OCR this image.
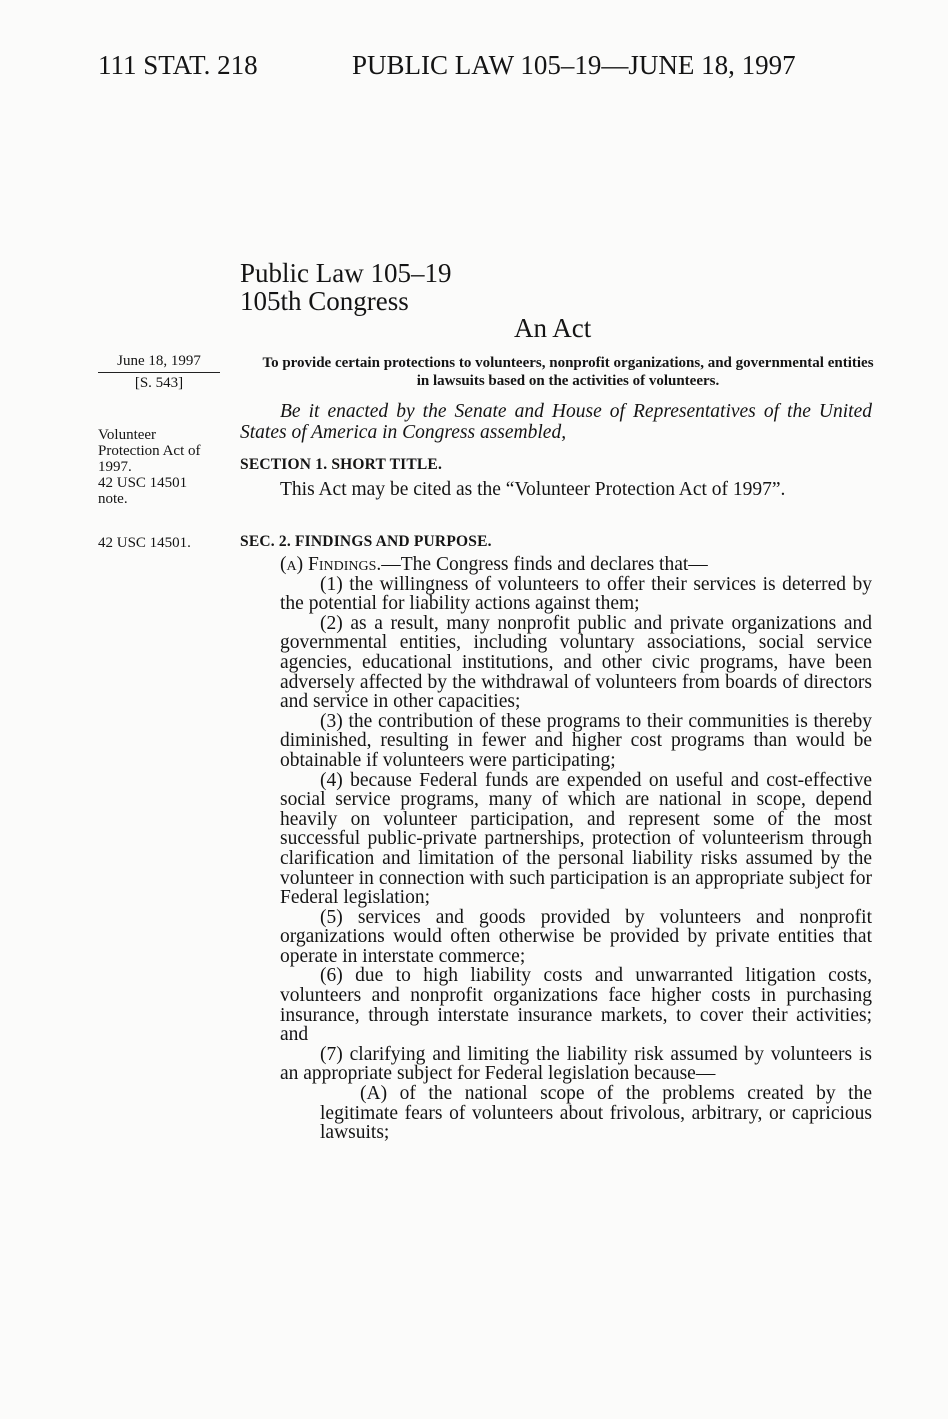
111 STAT. 218	PUBLIC LAW 105–19—JUNE 18, 1997
Public Law 105–19
105th Congress
An Act
June 18, 1997
[S. 543]
To provide certain protections to volunteers, nonprofit organizations, and governmental entities in lawsuits based on the activities of volunteers.
Volunteer
Protection Act of
1997.
42 USC 14501
note.
42 USC 14501.
Be it enacted by the Senate and House of Representatives of the United States of America in Congress assembled,
SECTION 1. SHORT TITLE.
This Act may be cited as the “Volunteer Protection Act of 1997”.
SEC. 2. FINDINGS AND PURPOSE.

(a) Findings.—The Congress finds and declares that—

(1) the willingness of volunteers to offer their services is deterred by the potential for liability actions against them;

(2) as a result, many nonprofit public and private organizations and governmental entities, including voluntary associations, social service agencies, educational institutions, and other civic programs, have been adversely affected by the withdrawal of volunteers from boards of directors and service in other capacities;

(3) the contribution of these programs to their communities is thereby diminished, resulting in fewer and higher cost programs than would be obtainable if volunteers were participating;

(4) because Federal funds are expended on useful and cost-effective social service programs, many of which are national in scope, depend heavily on volunteer participation, and represent some of the most successful public-private partnerships, protection of volunteerism through clarification and limitation of the personal liability risks assumed by the volunteer in connection with such participation is an appropriate subject for Federal legislation;

(5) services and goods provided by volunteers and nonprofit organizations would often otherwise be provided by private entities that operate in interstate commerce;

(6) due to high liability costs and unwarranted litigation costs, volunteers and nonprofit organizations face higher costs in purchasing insurance, through interstate insurance markets, to cover their activities; and

(7) clarifying and limiting the liability risk assumed by volunteers is an appropriate subject for Federal legislation because—

(A) of the national scope of the problems created by the legitimate fears of volunteers about frivolous, arbitrary, or capricious lawsuits;
